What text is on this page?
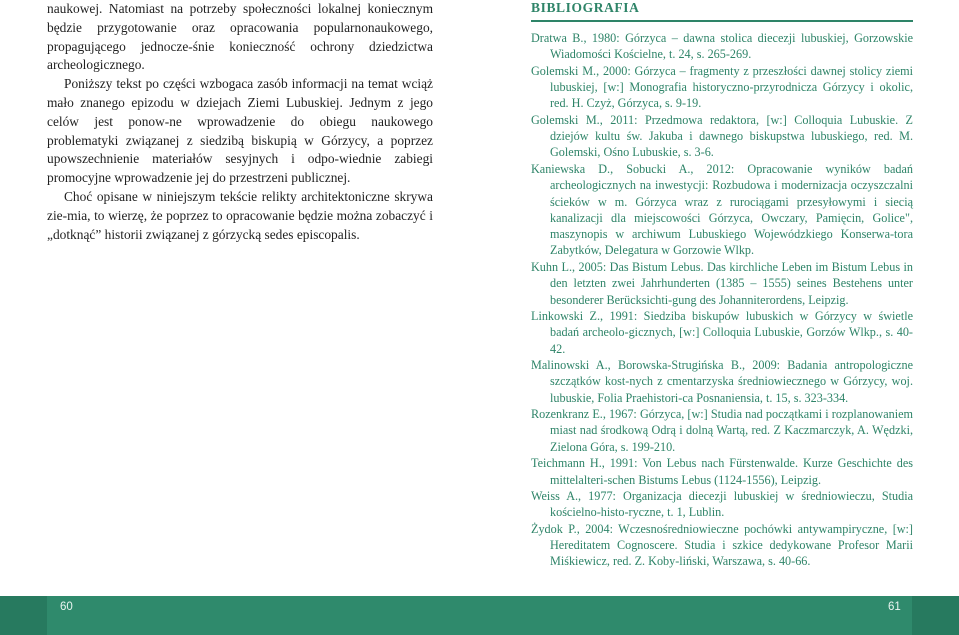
naukowej. Natomiast na potrzeby społeczności lokalnej koniecznym będzie przygotowanie oraz opracowania popularnonaukowego, propagującego jednocze-śnie konieczność ochrony dziedzictwa archeologicznego.

Poniższy tekst po części wzbogaca zasób informacji na temat wciąż mało znanego epizodu w dziejach Ziemi Lubuskiej. Jednym z jego celów jest ponow-ne wprowadzenie do obiegu naukowego problematyki związanej z siedzibą biskupią w Górzycy, a poprzez upowszechnienie materiałów sesyjnych i odpo-wiednie zabiegi promocyjne wprowadzenie jej do przestrzeni publicznej.

Choć opisane w niniejszym tekście relikty architektoniczne skrywa zie-mia, to wierzę, że poprzez to opracowanie będzie można zobaczyć i „dotknąć” historii związanej z górzycką sedes episcopalis.

BIBLIOGRAFIA
Dratwa B., 1980: Górzyca – dawna stolica diecezji lubuskiej, Gorzowskie Wiadomości Kościelne, t. 24, s. 265-269.
Golemski M., 2000: Górzyca – fragmenty z przeszłości dawnej stolicy ziemi lubuskiej, [w:] Monografia historyczno-przyrodnicza Górzycy i okolic, red. H. Czyż, Górzyca, s. 9-19.
Golemski M., 2011: Przedmowa redaktora, [w:] Colloquia Lubuskie. Z dziejów kultu św. Jakuba i dawnego biskupstwa lubuskiego, red. M. Golemski, Ośno Lubuskie, s. 3-6.
Kaniewska D., Sobucki A., 2012: Opracowanie wyników badań archeologicznych na inwestycji: Rozbudowa i modernizacja oczyszczalni ścieków w m. Górzyca wraz z rurociągami przesyłowymi i siecią kanalizacji dla miejscowości Górzyca, Owczary, Pamięcin, Golice", maszynopis w archiwum Lubuskiego Wojewódzkiego Konserwa-tora Zabytków, Delegatura w Gorzowie Wlkp.
Kuhn L., 2005: Das Bistum Lebus. Das kirchliche Leben im Bistum Lebus in den letzten zwei Jahrhunderten (1385 – 1555) seines Bestehens unter besonderer Berücksichti-gung des Johanniterordens, Leipzig.
Linkowski Z., 1991: Siedziba biskupów lubuskich w Górzycy w świetle badań archeolo-gicznych, [w:] Colloquia Lubuskie, Gorzów Wlkp., s. 40-42.
Malinowski A., Borowska-Strugińska B., 2009: Badania antropologiczne szczątków kost-nych z cmentarzyska średniowiecznego w Górzycy, woj. lubuskie, Folia Praehistori-ca Posnaniensia, t. 15, s. 323-334.
Rozenkranz E., 1967: Górzyca, [w:] Studia nad początkami i rozplanowaniem miast nad środkową Odrą i dolną Wartą, red. Z Kaczmarczyk, A. Wędzki, Zielona Góra, s. 199-210.
Teichmann H., 1991: Von Lebus nach Fürstenwalde. Kurze Geschichte des mittelalteri-schen Bistums Lebus (1124-1556), Leipzig.
Weiss A., 1977: Organizacja diecezji lubuskiej w średniowieczu, Studia kościelno-histo-ryczne, t. 1, Lublin.
Żydok P., 2004: Wczesnośredniowieczne pochówki antywampiryczne, [w:] Hereditatem Cognoscere. Studia i szkice dedykowane Profesor Marii Miśkiewicz, red. Z. Koby-liński, Warszawa, s. 40-66.
60	61
